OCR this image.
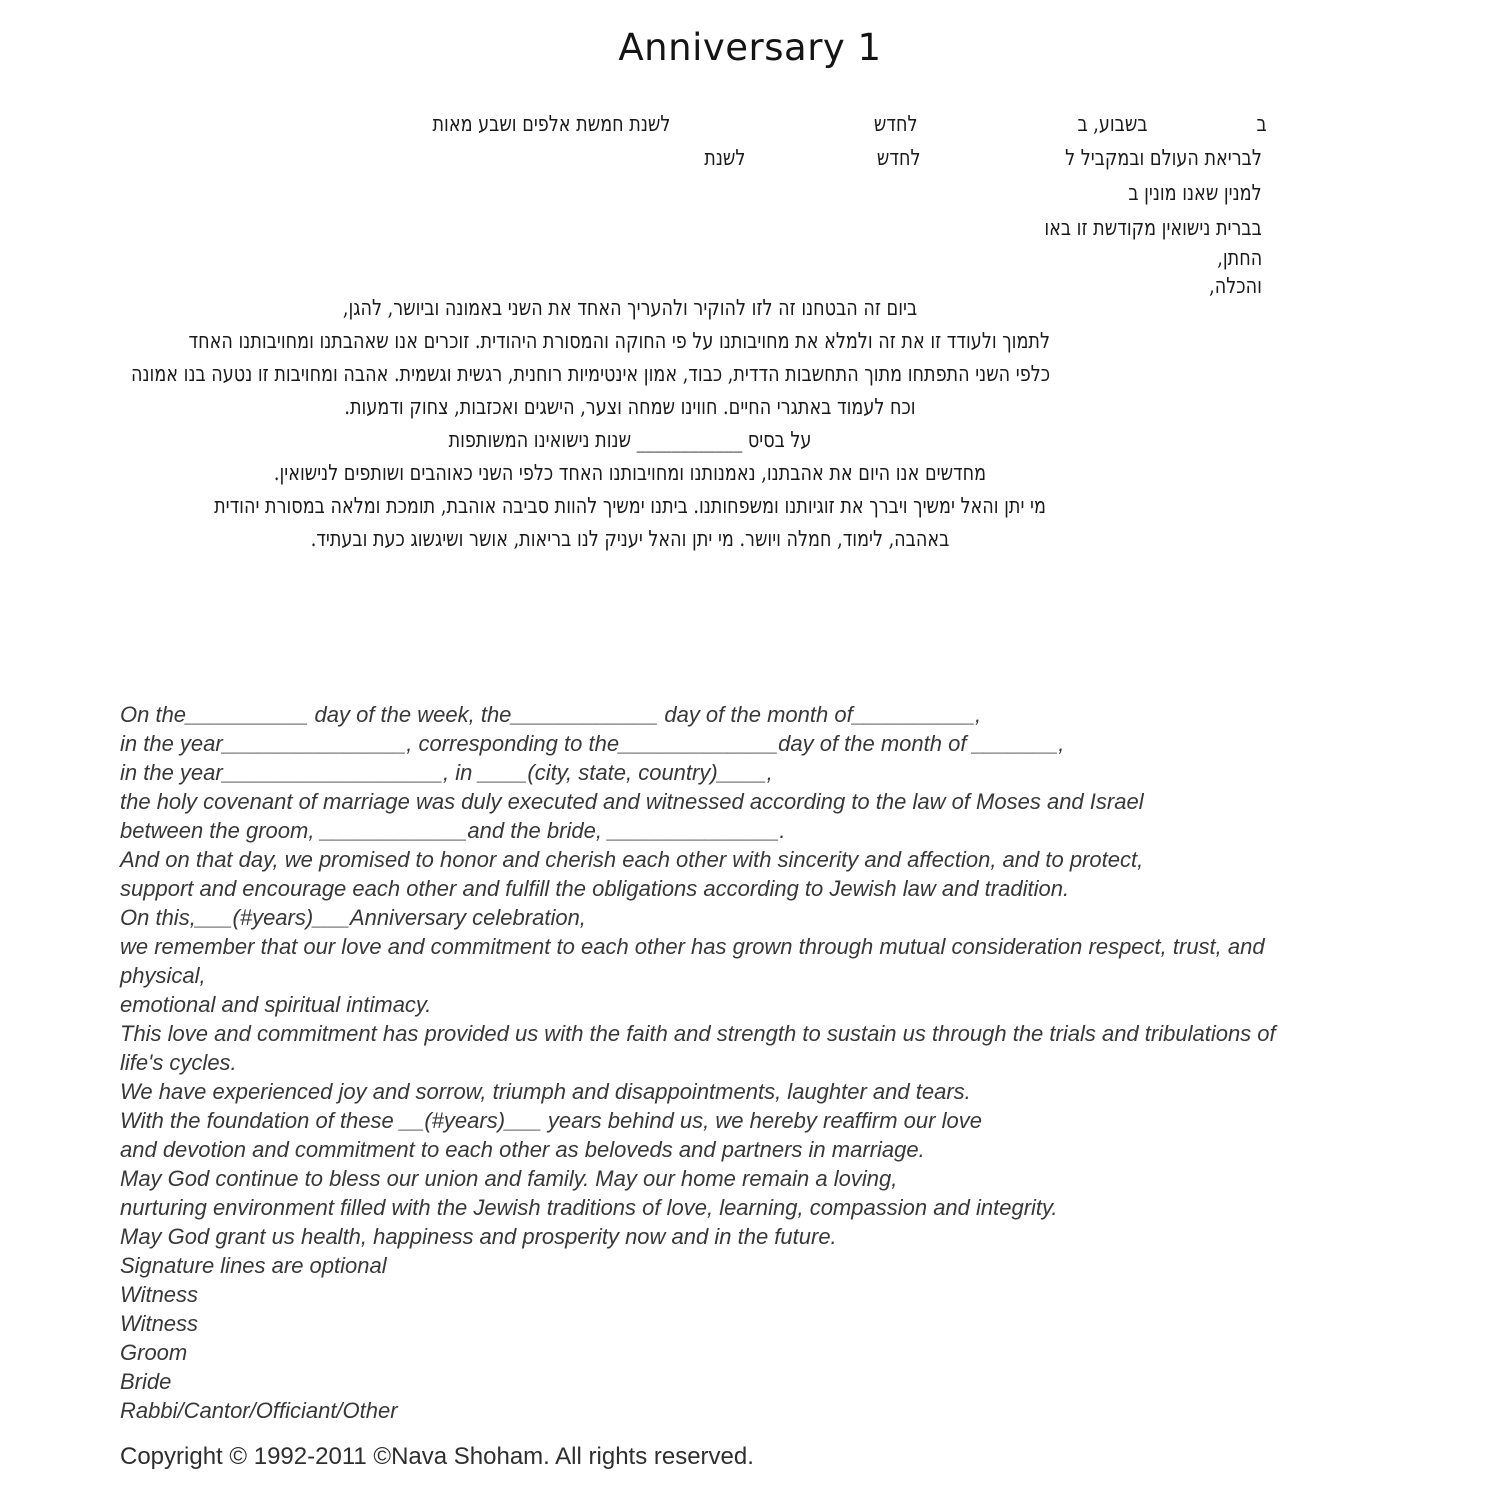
Anniversary 1
ב
בשבוע, ב
לחדש
לשנת חמשת אלפים ושבע מאות
לבריאת העולם ובמקביל ל
לחדש
לשנת
למנין שאנו מונין ב
בברית נישואין מקודשת זו באו
החתן,
והכלה,
ביום זה הבטחנו זה לזו להוקיר ולהעריך האחד את השני באמונה וביושר, להגן,
לתמוך ולעודד זו את זה ולמלא את מחויבותנו על פי החוקה והמסורת היהודית. זוכרים אנו שאהבתנו ומחויבותנו האחד
כלפי השני התפתחו מתוך התחשבות הדדית, כבוד, אמון אינטימיות רוחנית, רגשית וגשמית. אהבה ומחויבות זו נטעה בנו אמונה
וכח לעמוד באתגרי החיים. חווינו שמחה וצער, הישגים ואכזבות, צחוק ודמעות.
על בסיס ____________ שנות נישואינו המשותפות
מחדשים אנו היום את אהבתנו, נאמנותנו ומחויבותנו האחד כלפי השני כאוהבים ושותפים לנישואין.
מי יתן והאל ימשיך ויברך את זוגיותנו ומשפחותנו. ביתנו ימשיך להוות סביבה אוהבת, תומכת ומלאה במסורת יהודית
באהבה, לימוד, חמלה ויושר. מי יתן והאל יעניק לנו בריאות, אושר ושיגשוג כעת ובעתיד.
On the__________ day of the week, the____________ day of the month of__________,
in the year_______________, corresponding to the_____________day of the month of _______,
in the year__________________, in ____(city, state, country)____,
the holy covenant of marriage was duly executed and witnessed according to the law of Moses and Israel
between the groom, ____________and the bride, ______________.
And on that day, we promised to honor and cherish each other with sincerity and affection, and to protect,
support and encourage each other and fulfill the obligations according to Jewish law and tradition.
On this,___(#years)___Anniversary celebration,
we remember that our love and commitment to each other has grown through mutual consideration respect, trust, and
physical,
emotional and spiritual intimacy.
This love and commitment has provided us with the faith and strength to sustain us through the trials and tribulations of
life's cycles.
We have experienced joy and sorrow, triumph and disappointments, laughter and tears.
With the foundation of these __(#years)___ years behind us, we hereby reaffirm our love
and devotion and commitment to each other as beloveds and partners in marriage.
May God continue to bless our union and family. May our home remain a loving,
nurturing environment filled with the Jewish traditions of love, learning, compassion and integrity.
May God grant us health, happiness and prosperity now and in the future.
Signature lines are optional
Witness
Witness
Groom
Bride
Rabbi/Cantor/Officiant/Other
Copyright © 1992-2011 ©Nava Shoham. All rights reserved.
